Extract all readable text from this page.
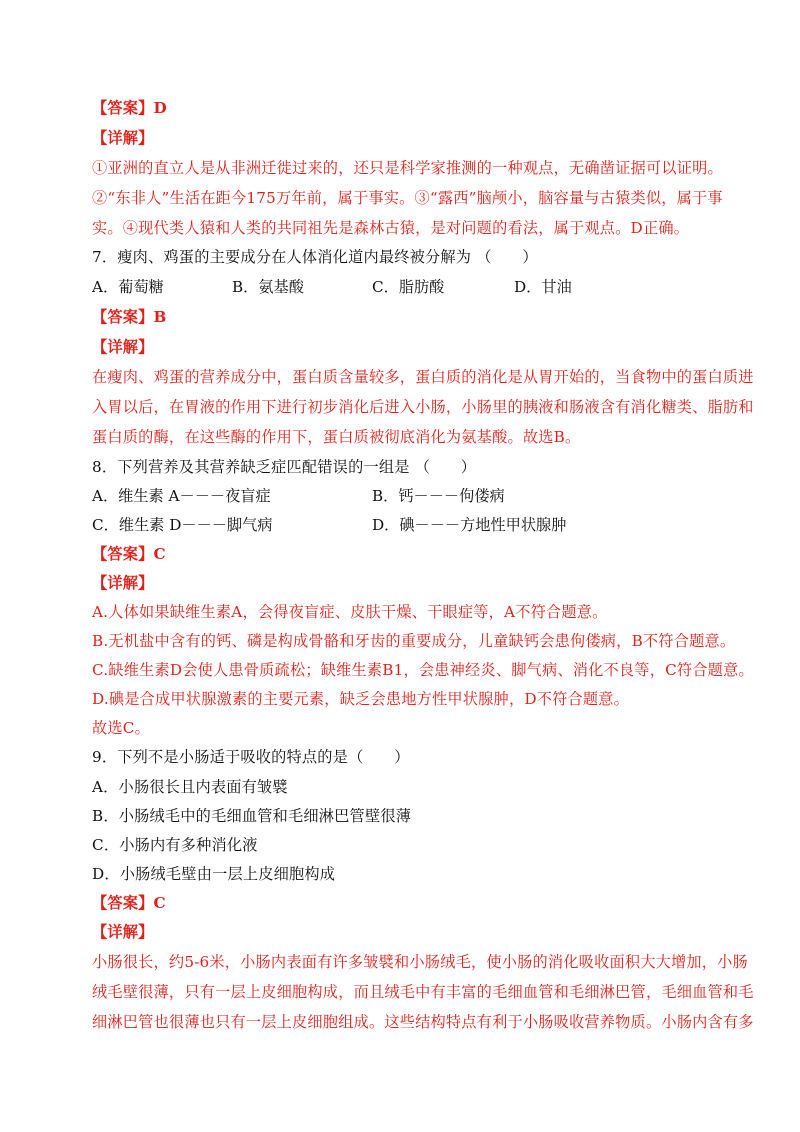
【答案】D
【详解】
①亚洲的直立人是从非洲迁徙过来的，还只是科学家推测的一种观点，无确凿证据可以证明。
②“东非人”生活在距今175万年前，属于事实。③“露西”脑颅小，脑容量与古猿类似，属于事
实。④现代类人猿和人类的共同祖先是森林古猿，是对问题的看法，属于观点。D正确。
7．瘦肉、鸡蛋的主要成分在人体消化道内最终被分解为 （　　）
A．葡萄糖	B．氨基酸	C．脂肪酸	D．甘油
【答案】B
【详解】
在瘦肉、鸡蛋的营养成分中，蛋白质含量较多，蛋白质的消化是从胃开始的，当食物中的蛋白质进
入胃以后，在胃液的作用下进行初步消化后进入小肠，小肠里的胰液和肠液含有消化糖类、脂肪和
蛋白质的酶，在这些酶的作用下，蛋白质被彻底消化为氨基酸。故选B。
8．下列营养及其营养缺乏症匹配错误的一组是 （　　）
A．维生素 A－－－夜盲症	B．钙－－－佝偻病
C．维生素 D－－－脚气病	D．碘－－－方地性甲状腺肿
【答案】C
【详解】
A.人体如果缺维生素A，会得夜盲症、皮肤干燥、干眼症等，A不符合题意。
B.无机盐中含有的钙、磷是构成骨骼和牙齿的重要成分，儿童缺钙会患佝偻病，B不符合题意。
C.缺维生素D会使人患骨质疏松；缺维生素B1，会患神经炎、脚气病、消化不良等，C符合题意。
D.碘是合成甲状腺激素的主要元素，缺乏会患地方性甲状腺肿，D不符合题意。
故选C。
9．下列不是小肠适于吸收的特点的是（　　）
A．小肠很长且内表面有皱襞
B．小肠绒毛中的毛细血管和毛细淋巴管壁很薄
C．小肠内有多种消化液
D．小肠绒毛壁由一层上皮细胞构成
【答案】C
【详解】
小肠很长，约5-6米，小肠内表面有许多皱襞和小肠绒毛，使小肠的消化吸收面积大大增加，小肠
绒毛壁很薄，只有一层上皮细胞构成，而且绒毛中有丰富的毛细血管和毛细淋巴管，毛细血管和毛
细淋巴管也很薄也只有一层上皮细胞组成。这些结构特点有利于小肠吸收营养物质。小肠内含有多
